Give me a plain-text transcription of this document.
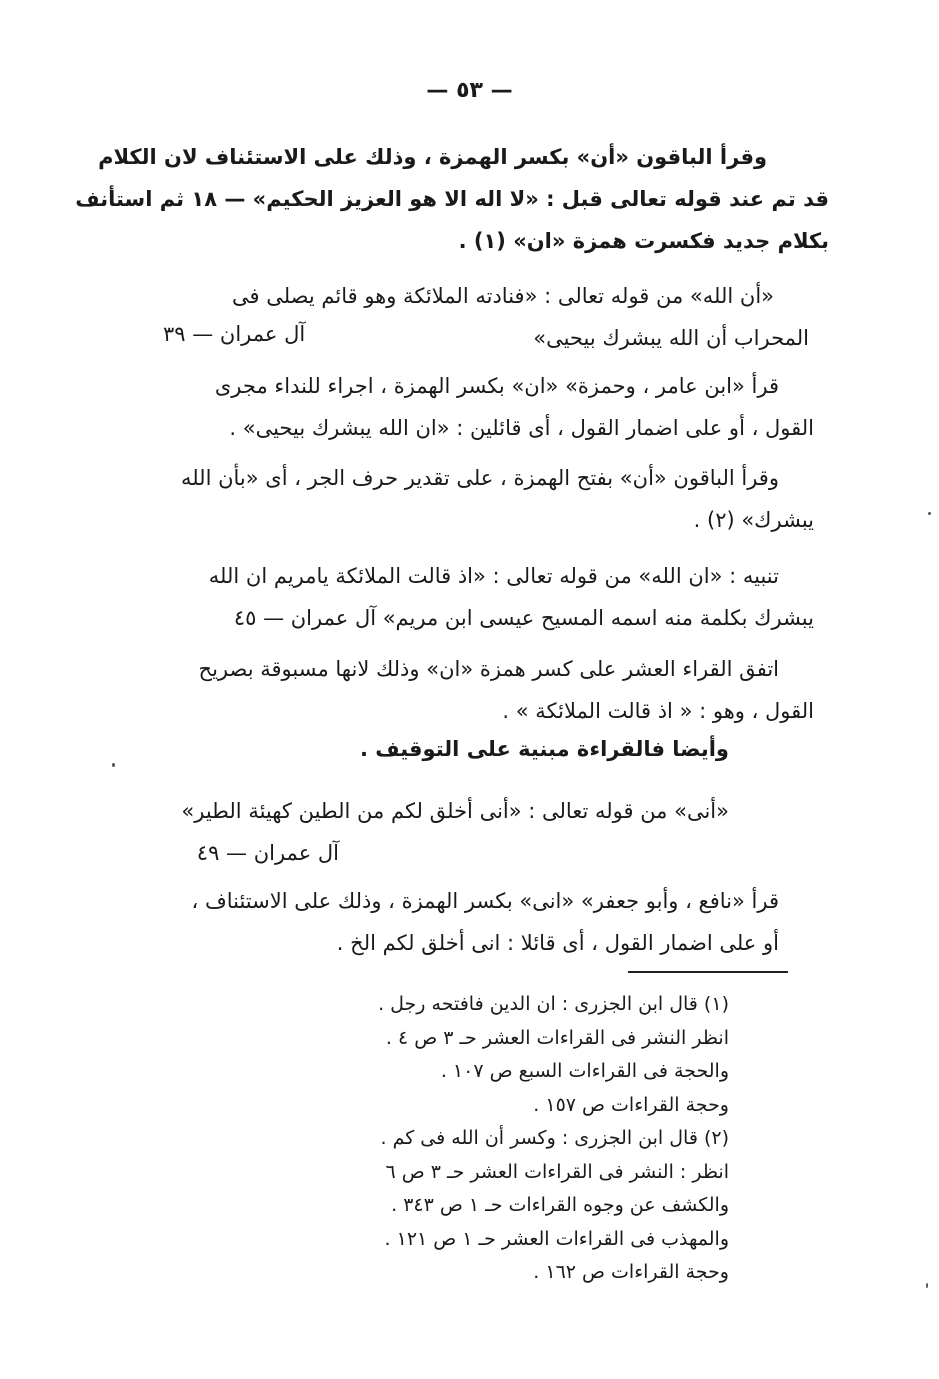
— ٥٣ —
وقرأ الباقون «أن» بكسر الهمزة ، وذلك على الاستئناف لان الكلام
قد تم عند قوله تعالى قبل : «لا اله الا هو العزيز الحكيم» — ١٨ ثم استأنف
بكلام جديد فكسرت همزة «ان» (١) .
«أن الله» من قوله تعالى : «فنادته الملائكة وهو قائم يصلى فى
المحراب أن الله يبشرك بيحيى»
آل عمران — ٣٩
قرأ «ابن عامر ، وحمزة» «ان» بكسر الهمزة ، اجراء للنداء مجرى
القول ، أو على اضمار القول ، أى قائلين : «ان الله يبشرك بيحيى» .
وقرأ الباقون «أن» بفتح الهمزة ، على تقدير حرف الجر ، أى «بأن الله
يبشرك» (٢) .
تنبيه : «ان الله» من قوله تعالى : «اذ قالت الملائكة يامريم ان الله
يبشرك بكلمة منه اسمه المسيح عيسى ابن مريم» آل عمران — ٤٥
اتفق القراء العشر على كسر همزة «ان» وذلك لانها مسبوقة بصريح
القول ، وهو : « اذ قالت الملائكة » .
وأيضا فالقراءة مبنية على التوقيف .
«أنى» من قوله تعالى : «أنى أخلق لكم من الطين كهيئة الطير»
آل عمران — ٤٩
قرأ «نافع ، وأبو جعفر» «انى» بكسر الهمزة ، وذلك على الاستئناف ،
أو على اضمار القول ، أى قائلا : انى أخلق لكم الخ .
(١) قال ابن الجزرى : ان الدين فافتحه رجل .
انظر النشر فى القراءات العشر حـ ٣ ص ٤ .
والحجة فى القراءات السبع ص ١٠٧ .
وحجة القراءات ص ١٥٧ .
(٢) قال ابن الجزرى : وكسر أن الله فى كم .
انظر : النشر فى القراءات العشر حـ ٣ ص ٦
والكشف عن وجوه القراءات حـ ١ ص ٣٤٣ .
والمهذب فى القراءات العشر حـ ١ ص ١٢١ .
وحجة القراءات ص ١٦٢ .
